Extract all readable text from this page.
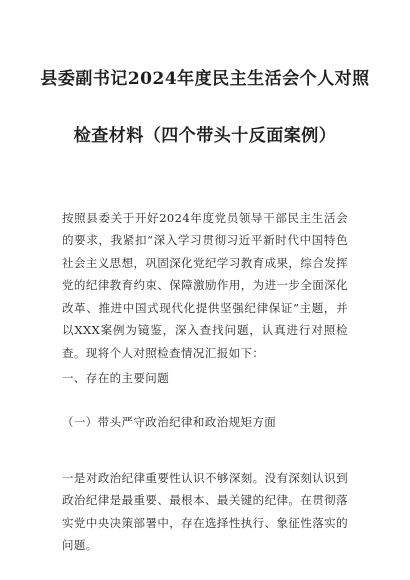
县委副书记2024年度民主生活会个人对照
检查材料（四个带头十反面案例）

按照县委关于开好2024年度党员领导干部民主生活会的要求，我紧扣“深入学习贯彻习近平新时代中国特色社会主义思想，巩固深化党纪学习教育成果，综合发挥党的纪律教育约束、保障激励作用，为进一步全面深化改革、推进中国式现代化提供坚强纪律保证”主题，并以XXX案例为镜鉴，深入查找问题，认真进行对照检查。现将个人对照检查情况汇报如下：

一、存在的主要问题
（一）带头严守政治纪律和政治规矩方面

一是对政治纪律重要性认识不够深刻。没有深刻认识到政治纪律是最重要、最根本、最关键的纪律。在贯彻落实党中央决策部署中，存在选择性执行、象征性落实的问题。
